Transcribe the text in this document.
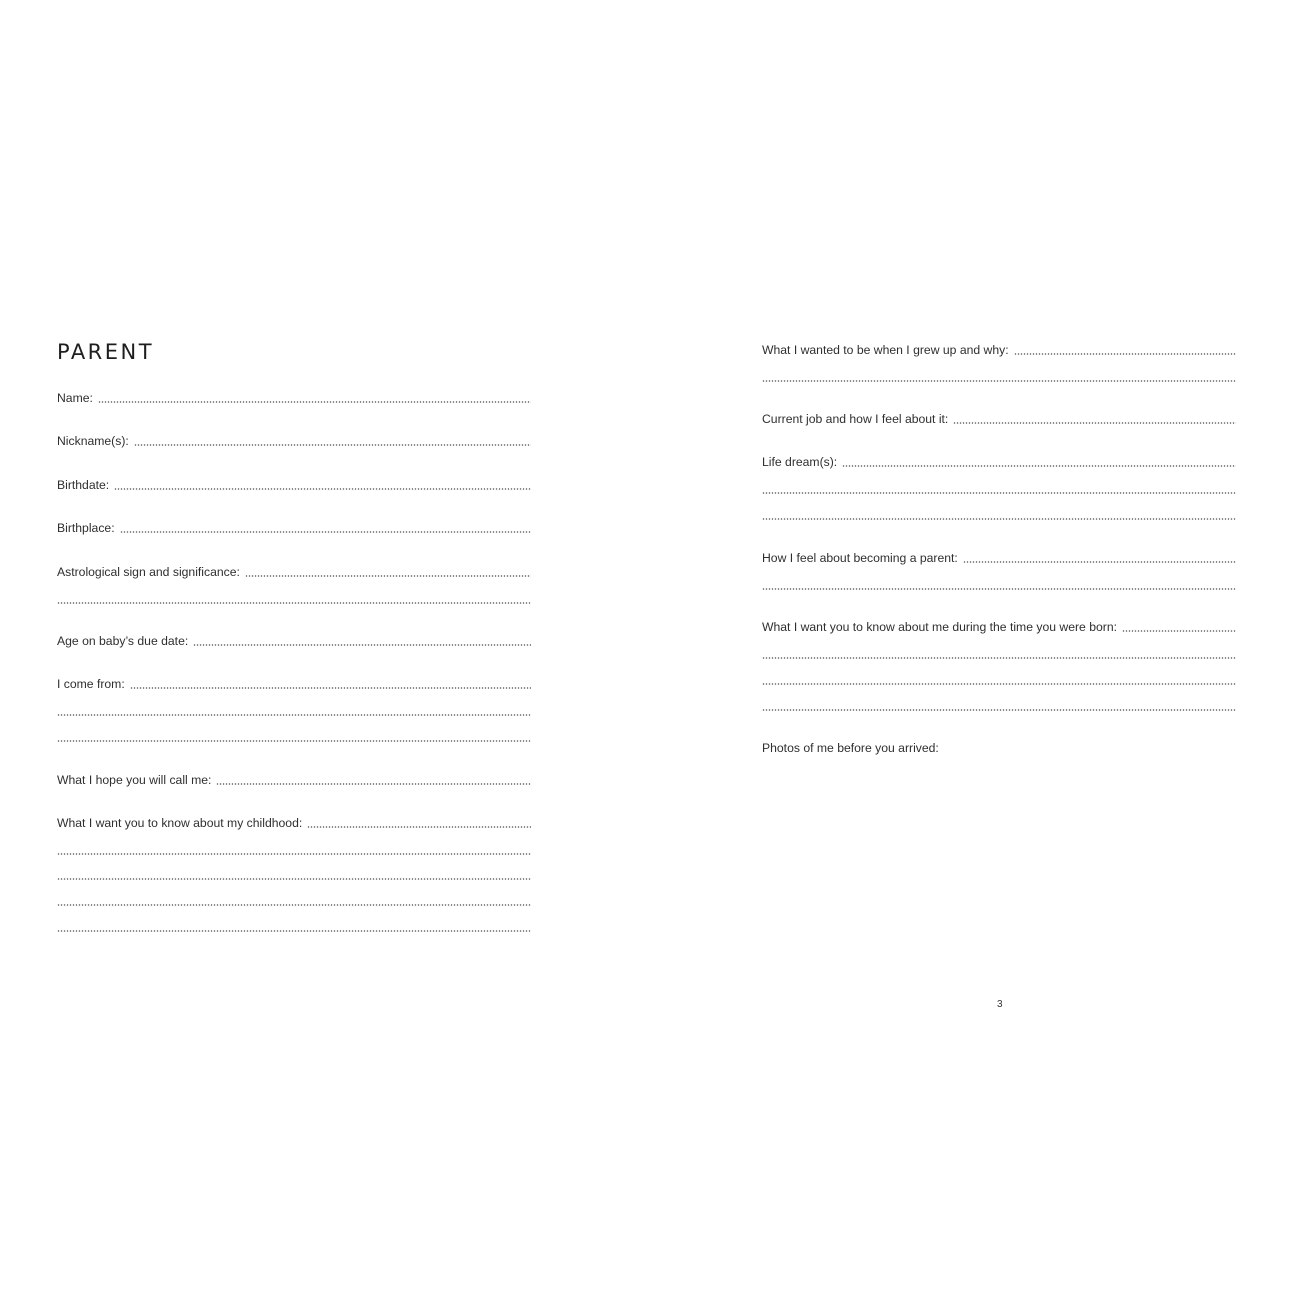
PARENT
Name:
Nickname(s):
Birthdate:
Birthplace:
Astrological sign and significance:
Age on baby’s due date:
I come from:
What I hope you will call me:
What I want you to know about my childhood:
What I wanted to be when I grew up and why:
Current job and how I feel about it:
Life dream(s):
How I feel about becoming a parent:
What I want you to know about me during the time you were born:
Photos of me before you arrived:
3
